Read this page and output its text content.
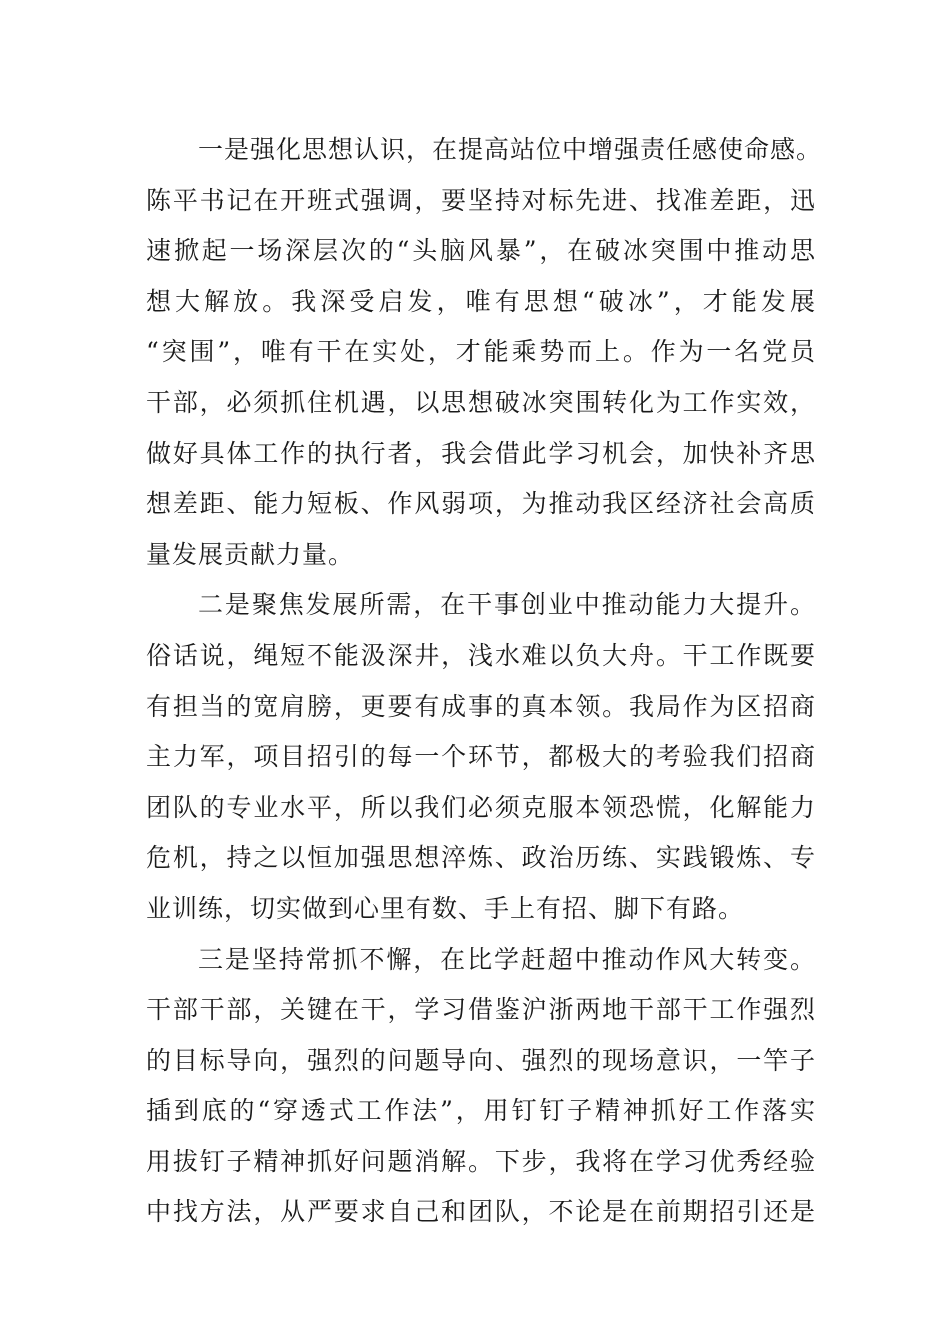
一是强化思想认识，在提高站位中增强责任感使命感。
陈平书记在开班式强调，要坚持对标先进、找准差距，迅
速掀起一场深层次的“头脑风暴”，在破冰突围中推动思
想大解放。我深受启发，唯有思想“破冰”，才能发展
“突围”，唯有干在实处，才能乘势而上。作为一名党员
干部，必须抓住机遇，以思想破冰突围转化为工作实效，
做好具体工作的执行者，我会借此学习机会，加快补齐思
想差距、能力短板、作风弱项，为推动我区经济社会高质
量发展贡献力量。
二是聚焦发展所需，在干事创业中推动能力大提升。
俗话说，绳短不能汲深井，浅水难以负大舟。干工作既要
有担当的宽肩膀，更要有成事的真本领。我局作为区招商
主力军，项目招引的每一个环节，都极大的考验我们招商
团队的专业水平，所以我们必须克服本领恐慌，化解能力
危机，持之以恒加强思想淬炼、政治历练、实践锻炼、专
业训练，切实做到心里有数、手上有招、脚下有路。
三是坚持常抓不懈，在比学赶超中推动作风大转变。
干部干部，关键在干，学习借鉴沪浙两地干部干工作强烈
的目标导向，强烈的问题导向、强烈的现场意识，一竿子
插到底的“穿透式工作法”，用钉钉子精神抓好工作落实
用拔钉子精神抓好问题消解。下步，我将在学习优秀经验
中找方法，从严要求自己和团队，不论是在前期招引还是
